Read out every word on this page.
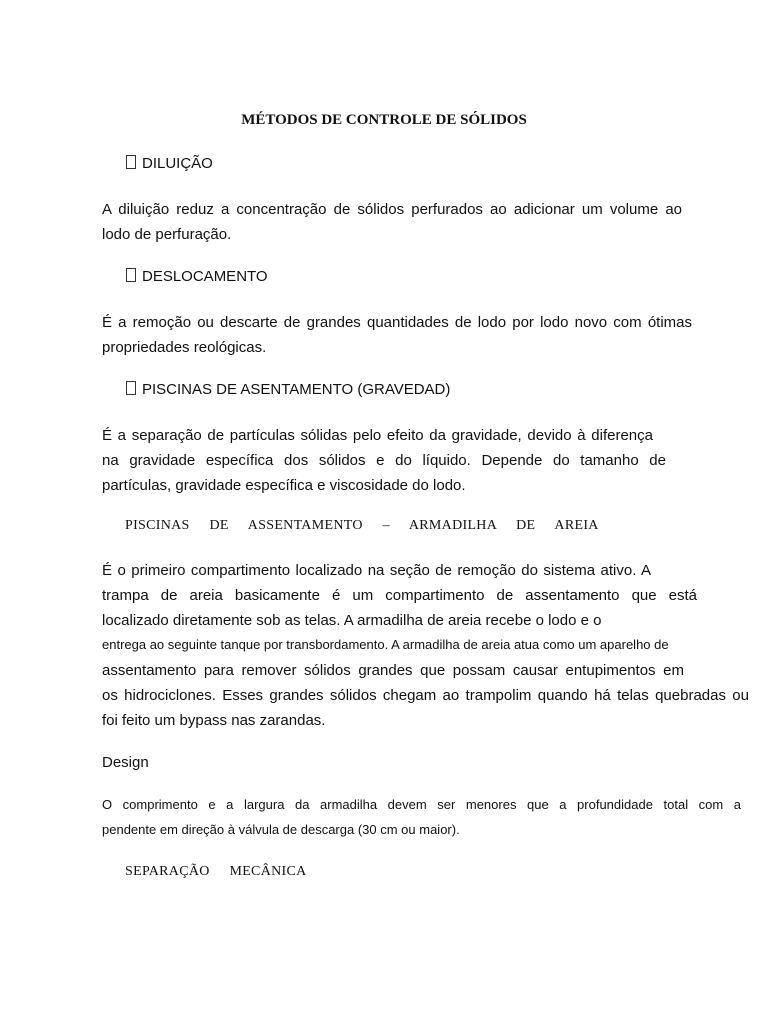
MÉTODOS DE CONTROLE DE SÓLIDOS
DILUIÇÃO
A diluição reduz a concentração de sólidos perfurados ao adicionar um volume ao
lodo de perfuração.
DESLOCAMENTO
É a remoção ou descarte de grandes quantidades de lodo por lodo novo com ótimas
propriedades reológicas.
PISCINAS DE ASENTAMENTO (GRAVEDAD)
É a separação de partículas sólidas pelo efeito da gravidade, devido à diferença
na gravidade específica dos sólidos e do líquido. Depende do tamanho de
partículas, gravidade específica e viscosidade do lodo.
PISCINAS DE ASSENTAMENTO – ARMADILHA DE AREIA
É o primeiro compartimento localizado na seção de remoção do sistema ativo. A
trampa de areia basicamente é um compartimento de assentamento que está
localizado diretamente sob as telas. A armadilha de areia recebe o lodo e o
entrega ao seguinte tanque por transbordamento. A armadilha de areia atua como um aparelho de
assentamento para remover sólidos grandes que possam causar entupimentos em
os hidrociclones. Esses grandes sólidos chegam ao trampolim quando há telas quebradas ou
foi feito um bypass nas zarandas.
Design
O comprimento e a largura da armadilha devem ser menores que a profundidade total com a
pendente em direção à válvula de descarga (30 cm ou maior).
SEPARAÇÃO MECÂNICA
